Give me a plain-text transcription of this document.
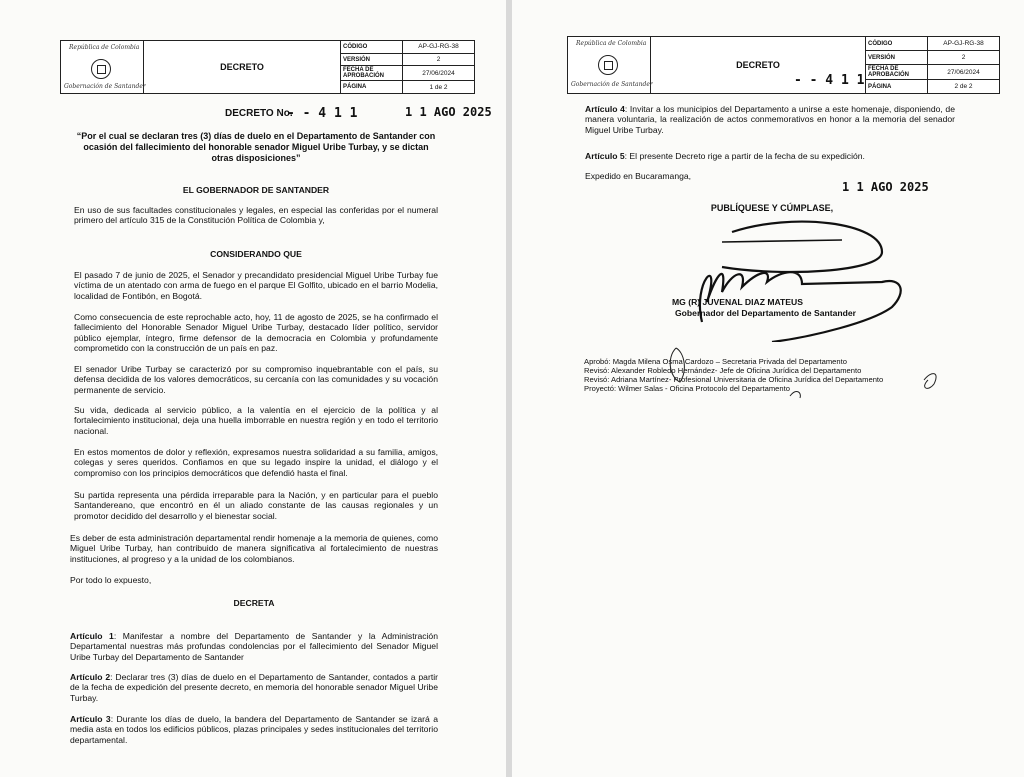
República de Colombia
Gobernación de Santander
DECRETO
CÓDIGO	AP-GJ-RG-38
VERSIÓN	2
FECHA DE APROBACIÓN	27/06/2024
PÁGINA	1 de 2
DECRETO No.
- - 4 1 1	1 1 AGO 2025
“Por el cual se declaran tres (3) días de duelo en el Departamento de Santander con ocasión del fallecimiento del honorable senador Miguel Uribe Turbay, y se dictan otras disposiciones”
EL GOBERNADOR DE SANTANDER
En uso de sus facultades constitucionales y legales, en especial las conferidas por el numeral primero del artículo 315 de la Constitución Política de Colombia y,
CONSIDERANDO QUE
El pasado 7 de junio de 2025, el Senador y precandidato presidencial Miguel Uribe Turbay fue víctima de un atentado con arma de fuego en el parque El Golfito, ubicado en el barrio Modelia, localidad de Fontibón, en Bogotá.
Como consecuencia de este reprochable acto, hoy, 11 de agosto de 2025, se ha confirmado el fallecimiento del Honorable Senador Miguel Uribe Turbay, destacado líder político, servidor público ejemplar, íntegro, firme defensor de la democracia en Colombia y profundamente comprometido con la construcción de un país en paz.
El senador Uribe Turbay se caracterizó por su compromiso inquebrantable con el país, su defensa decidida de los valores democráticos, su cercanía con las comunidades y su vocación permanente de servicio.
Su vida, dedicada al servicio público, a la valentía en el ejercicio de la política y al fortalecimiento institucional, deja una huella imborrable en nuestra región y en todo el territorio nacional.
En estos momentos de dolor y reflexión, expresamos nuestra solidaridad a su familia, amigos, colegas y seres queridos. Confiamos en que su legado inspire la unidad, el diálogo y el compromiso con los principios democráticos que defendió hasta el final.
Su partida representa una pérdida irreparable para la Nación, y en particular para el pueblo Santandereano, que encontró en él un aliado constante de las causas regionales y un promotor decidido del desarrollo y el bienestar social.
Es deber de esta administración departamental rendir homenaje a la memoria de quienes, como Miguel Uribe Turbay, han contribuido de manera significativa al fortalecimiento de nuestras instituciones, al progreso y a la unidad de los colombianos.
Por todo lo expuesto,
DECRETA
Artículo 1: Manifestar a nombre del Departamento de Santander y la Administración Departamental nuestras más profundas condolencias por el fallecimiento del Senador Miguel Uribe Turbay del Departamento de Santander
Artículo 2: Declarar tres (3) días de duelo en el Departamento de Santander, contados a partir de la fecha de expedición del presente decreto, en memoria del honorable senador Miguel Uribe Turbay.
Artículo 3: Durante los días de duelo, la bandera del Departamento de Santander se izará a media asta en todos los edificios públicos, plazas principales y sedes institucionales del territorio departamental.
República de Colombia
Gobernación de Santander
DECRETO
CÓDIGO	AP-GJ-RG-38
VERSIÓN	2
FECHA DE APROBACIÓN	27/06/2024
PÁGINA	2 de 2
- - 4 1 1
Artículo 4: Invitar a los municipios del Departamento a unirse a este homenaje, disponiendo, de manera voluntaria, la realización de actos conmemorativos en honor a la memoria del senador Miguel Uribe Turbay.
Artículo 5: El presente Decreto rige a partir de la fecha de su expedición.
Expedido en Bucaramanga,
1 1 AGO 2025
PUBLÍQUESE Y CÚMPLASE,
MG (R) JUVENAL DIAZ MATEUS
Gobernador del Departamento de Santander
Aprobó: Magda Milena Osma Cardozo – Secretaria Privada del Departamento
Revisó: Alexander Robledo Hernández- Jefe de Oficina Jurídica del Departamento
Revisó: Adriana Martínez- Profesional Universitaria de Oficina Jurídica del Departamento
Proyectó: Wilmer Salas - Oficina Protocolo del Departamento
